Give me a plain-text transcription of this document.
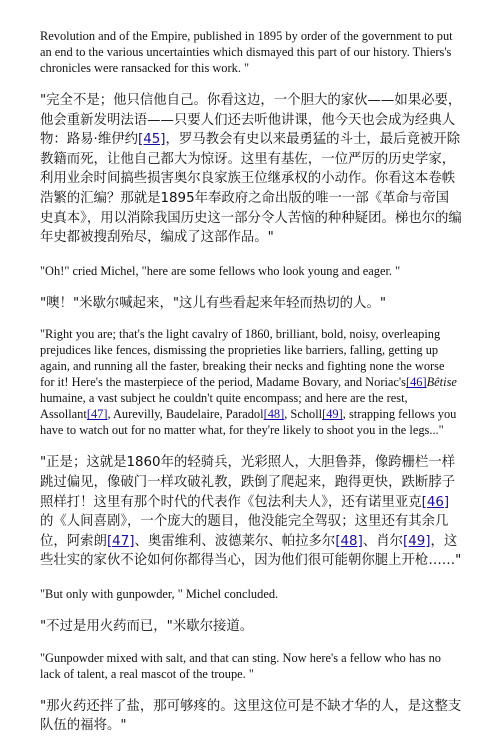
Revolution and of the Empire, published in 1895 by order of the government to put an end to the various uncertainties which dismayed this part of our history. Thiers's chronicles were ransacked for this work. "

"完全不是；他只信他自己。你看这边，一个胆大的家伙——如果必要，他会重新发明法语——只要人们还去听他讲课，他今天也会成为经典人物：路易·维伊约[45]，罗马教会有史以来最勇猛的斗士，最后竟被开除教籍而死，让他自己都大为惊讶。这里有基佐，一位严厉的历史学家，利用业余时间搞些损害奥尔良家族王位继承权的小动作。你看这本卷帙浩繁的汇编？那就是1895年奉政府之命出版的唯一一部《革命与帝国史真本》，用以消除我国历史这一部分令人苦恼的种种疑团。梯也尔的编年史都被搜刮殆尽，编成了这部作品。"

"Oh!" cried Michel, "here are some fellows who look young and eager. "

"噢！"米歇尔喊起来，"这儿有些看起来年轻而热切的人。"

"Right you are; that's the light cavalry of 1860, brilliant, bold, noisy, overleaping prejudices like fences, dismissing the proprieties like barriers, falling, getting up again, and running all the faster, breaking their necks and fighting none the worse for it! Here's the masterpiece of the period, Madame Bovary, and Noriac's[46]Bêtise humaine, a vast subject he couldn't quite encompass; and here are the rest, Assollant[47], Aurevilly, Baudelaire, Paradol[48], Scholl[49], strapping fellows you have to watch out for no matter what, for they're likely to shoot you in the legs..."

"正是；这就是1860年的轻骑兵，光彩照人，大胆鲁莽，像跨栅栏一样跳过偏见，像破门一样攻破礼教，跌倒了爬起来，跑得更快，跌断脖子照样打！这里有那个时代的代表作《包法利夫人》，还有诺里亚克[46]的《人间喜剧》，一个庞大的题目，他没能完全驾驭；这里还有其余几位，阿索朗[47]、奥雷维利、波德莱尔、帕拉多尔[48]、肖尔[49]，这些壮实的家伙不论如何你都得当心，因为他们很可能朝你腿上开枪……"

"But only with gunpowder, " Michel concluded.

"不过是用火药而已，"米歇尔接道。

"Gunpowder mixed with salt, and that can sting. Now here's a fellow who has no lack of talent, a real mascot of the troupe. "

"那火药还拌了盐，那可够疼的。这里这位可是不缺才华的人，是这整支队伍的福将。"
